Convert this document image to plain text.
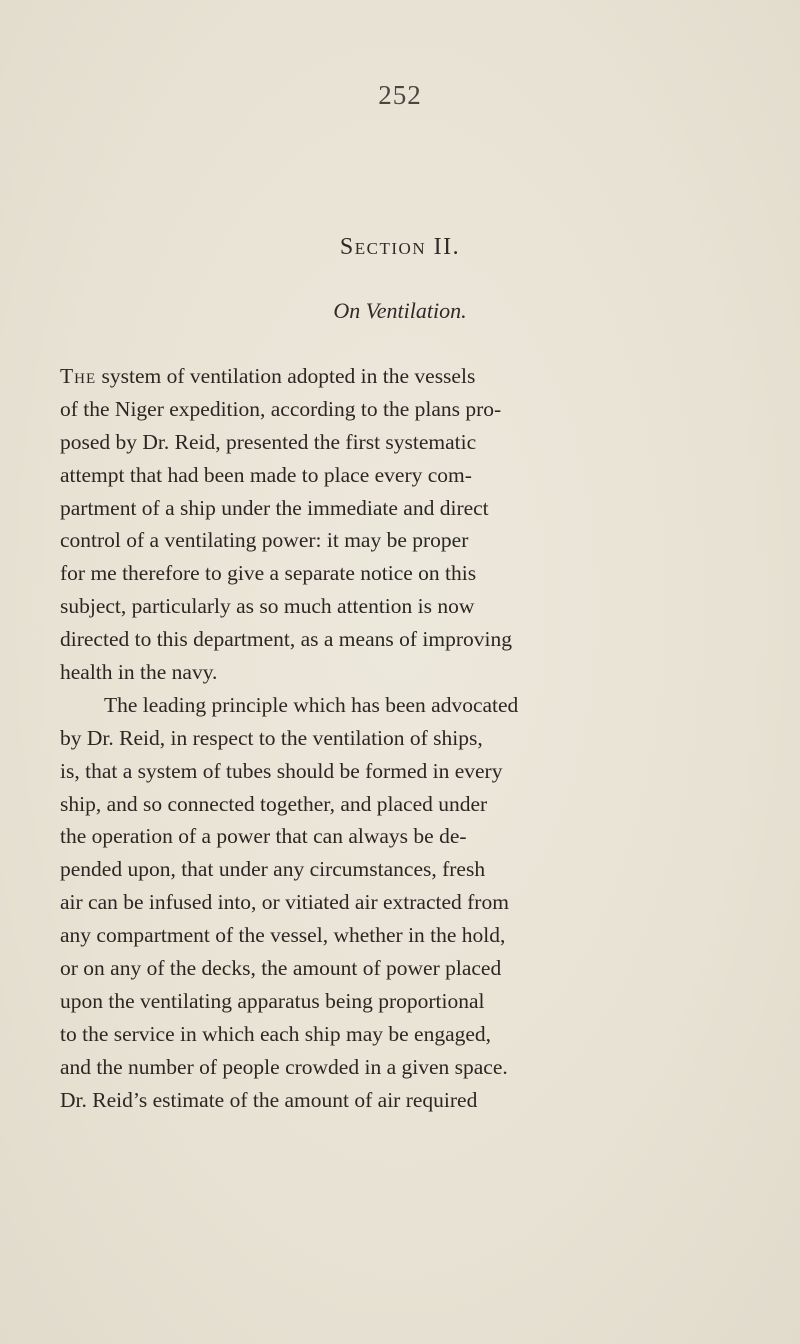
252
Section II.
On Ventilation.
The system of ventilation adopted in the vessels
of the Niger expedition, according to the plans pro-
posed by Dr. Reid, presented the first systematic
attempt that had been made to place every com-
partment of a ship under the immediate and direct
control of a ventilating power: it may be proper
for me therefore to give a separate notice on this
subject, particularly as so much attention is now
directed to this department, as a means of improving
health in the navy.
The leading principle which has been advocated
by Dr. Reid, in respect to the ventilation of ships,
is, that a system of tubes should be formed in every
ship, and so connected together, and placed under
the operation of a power that can always be de-
pended upon, that under any circumstances, fresh
air can be infused into, or vitiated air extracted from
any compartment of the vessel, whether in the hold,
or on any of the decks, the amount of power placed
upon the ventilating apparatus being proportional
to the service in which each ship may be engaged,
and the number of people crowded in a given space.
Dr. Reid’s estimate of the amount of air required
